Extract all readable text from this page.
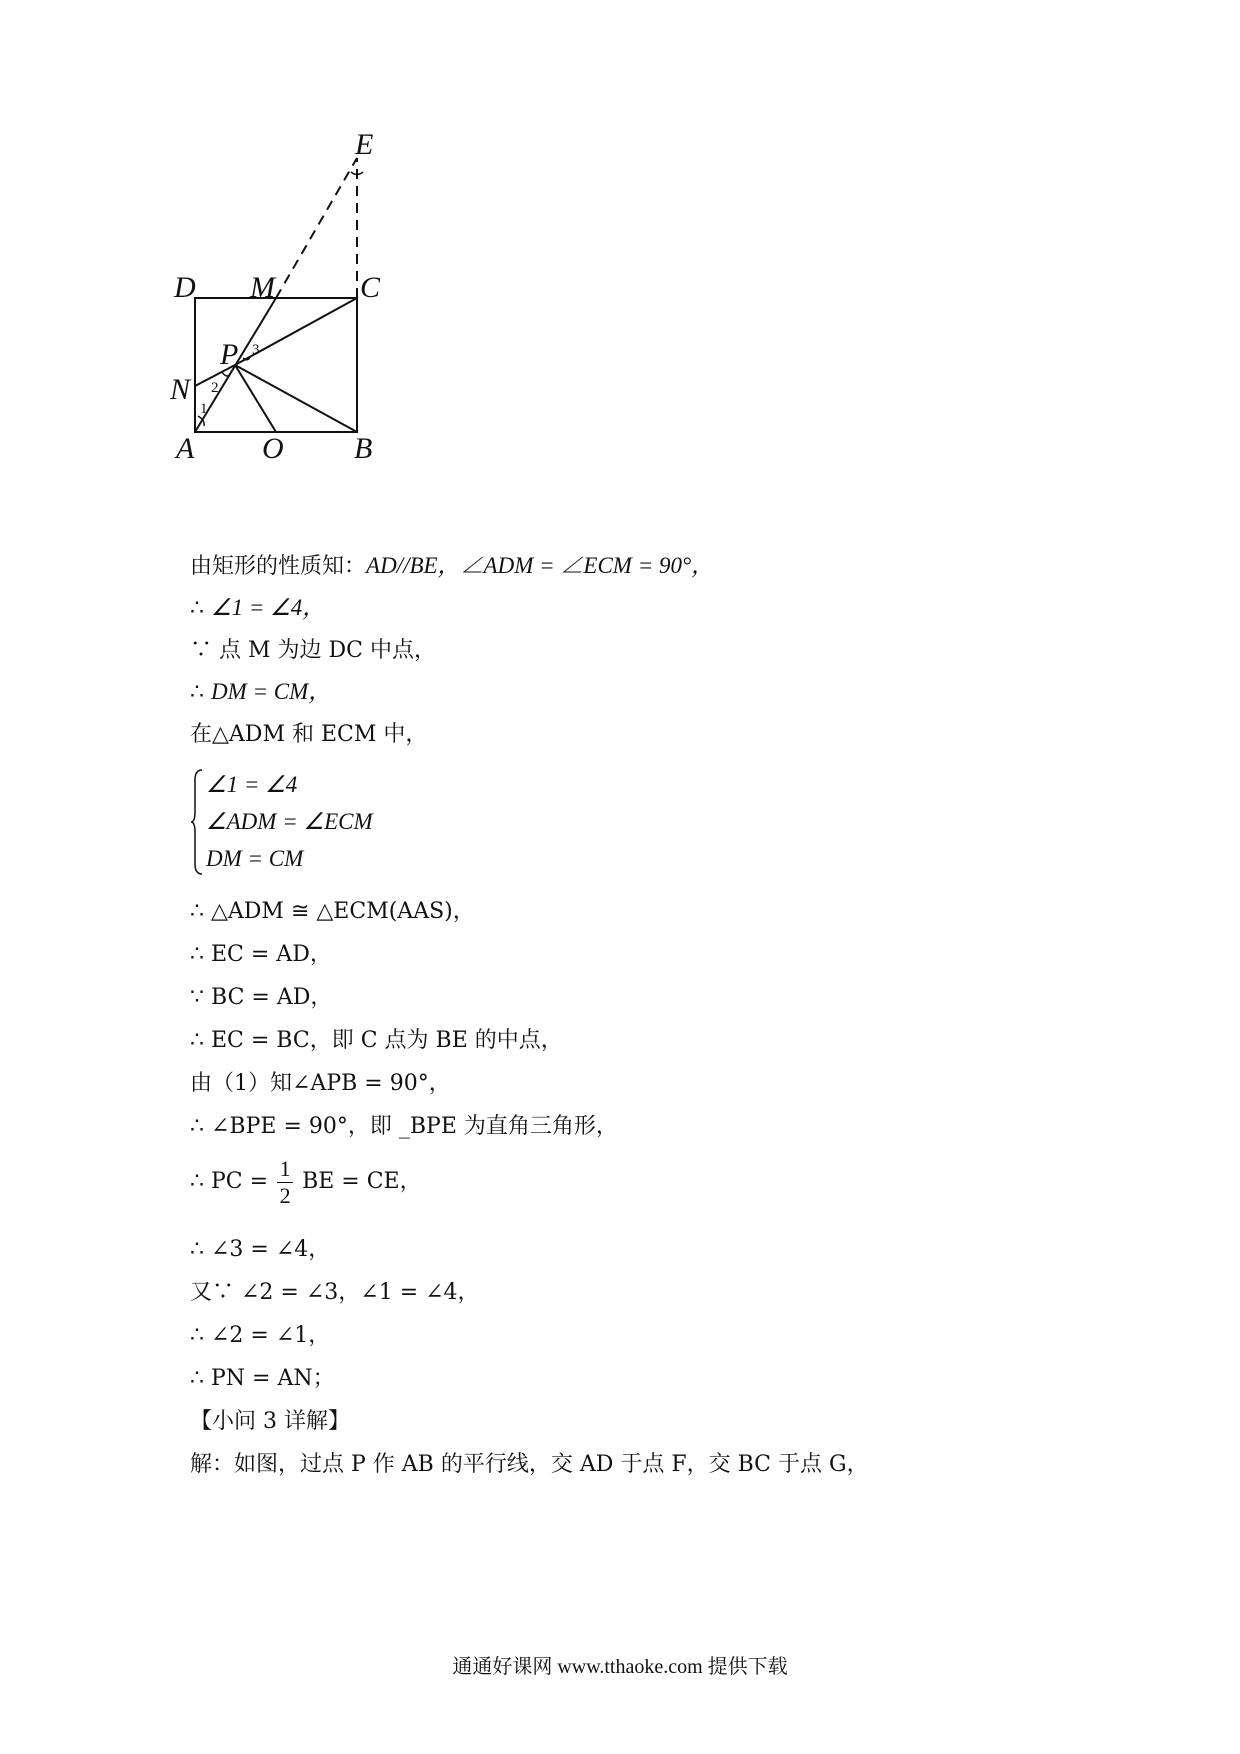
E
D M	C
P
N
A O B
1
2
3
由矩形的性质知：AD//BE，∠ADM = ∠ECM = 90°，
∴ ∠1 = ∠4，
∵ 点 M 为边 DC 中点，
∴ DM = CM，
在△ADM 和 ECM 中，
∠1 = ∠4
∠ADM = ∠ECM
DM = CM
∴ △ADM ≅ △ECM(AAS)，
∴ EC = AD，
∵ BC = AD，
∴ EC = BC，即 C 点为 BE 的中点，
由（1）知∠APB = 90°，
∴ ∠BPE = 90°，即 _BPE 为直角三角形，
∴ PC = $\frac{1}{2}$ BE = CE，
∴ ∠3 = ∠4，
又∵ ∠2 = ∠3，∠1 = ∠4，
∴ ∠2 = ∠1，
∴ PN = AN；
【小问 3 详解】
解：如图，过点 P 作 AB 的平行线，交 AD 于点 F，交 BC 于点 G，
通通好课网 www.tthaoke.com 提供下载
